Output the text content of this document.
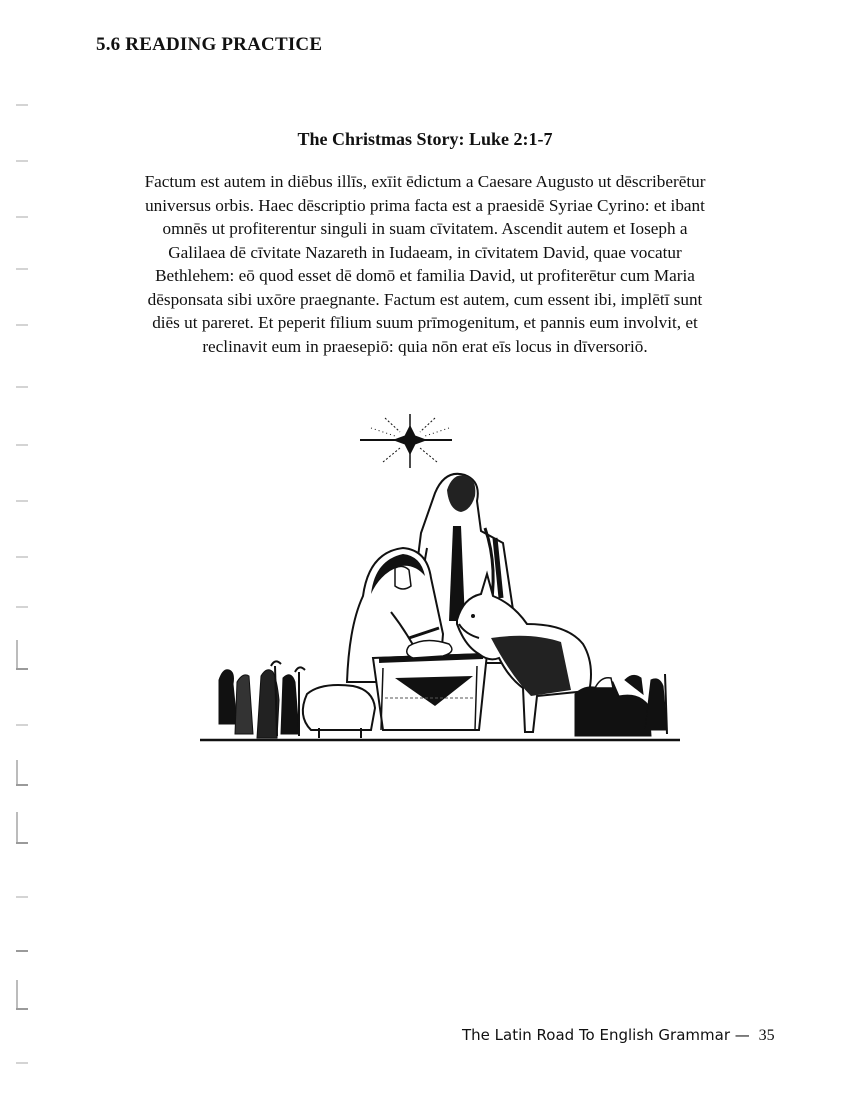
5.6 READING PRACTICE
The Christmas Story: Luke 2:1-7
Factum est autem in diēbus illīs, exīit ēdictum a Caesare Augusto ut dēscriberētur
universus orbis. Haec dēscriptio prima facta est a praesidē Syriae Cyrino: et ibant
omnēs ut profiterentur singuli in suam cīvitatem. Ascendit autem et Ioseph a
Galilaea dē cīvitate Nazareth in Iudaeam, in cīvitatem David, quae vocatur
Bethlehem: eō quod esset dē domō et familia David, ut profiterētur cum Maria
dēsponsata sibi uxōre praegnante. Factum est autem, cum essent ibi, implētī sunt
diēs ut pareret. Et peperit fīlium suum prīmogenitum, et pannis eum involvit, et
reclinavit eum in praesepiō: quia nōn erat eīs locus in dīversoriō.
The Latin Road To English Grammar — 35
